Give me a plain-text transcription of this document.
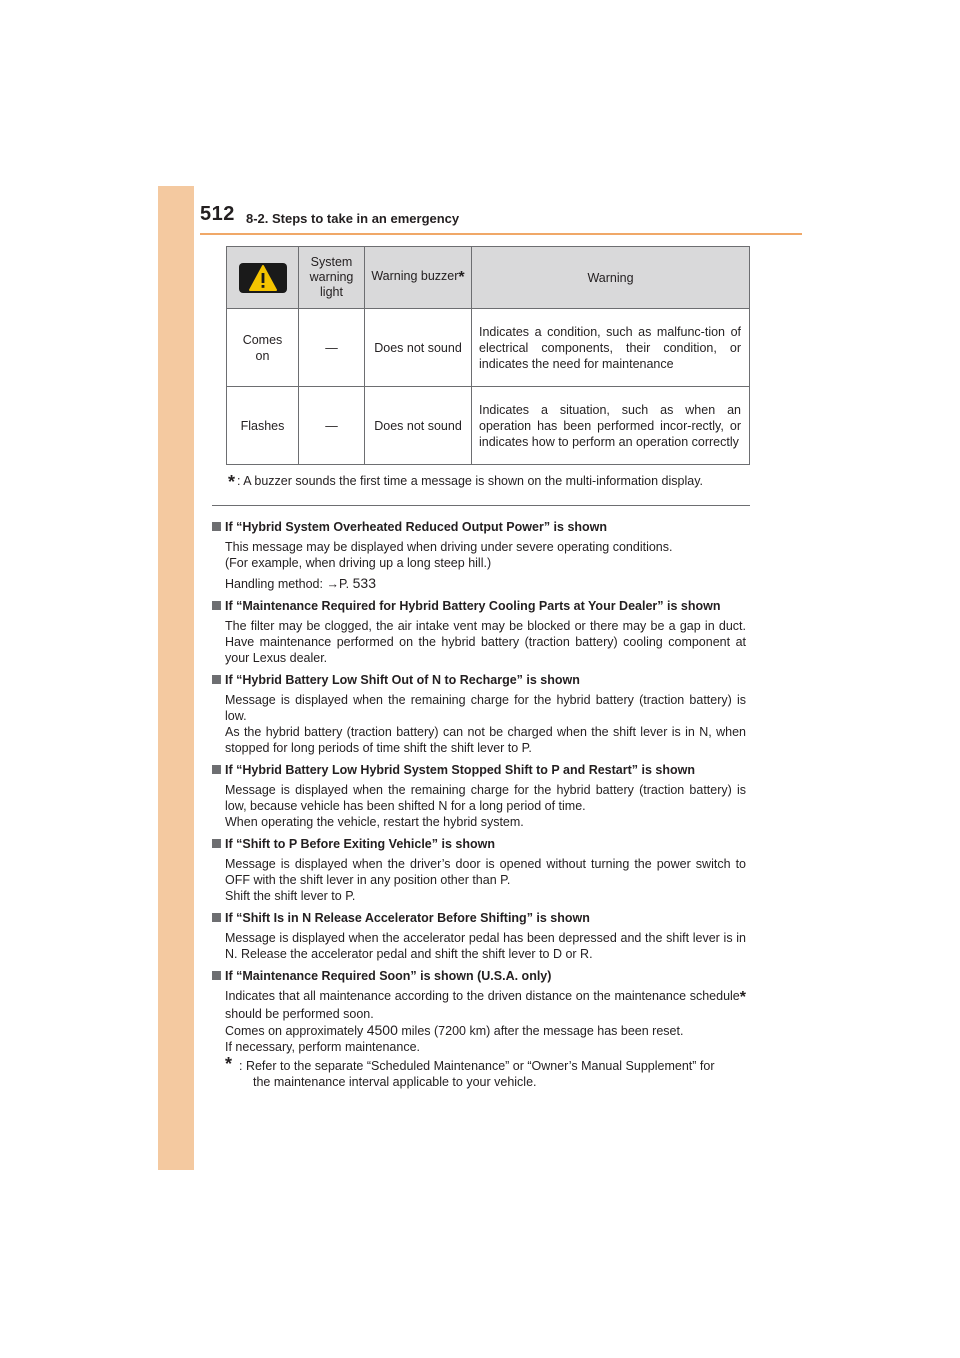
512 8-2. Steps to take in an emergency
	System
warning
light	Warning buzzer*	Warning
Comes
on	—	Does not sound	Indicates a condition, such as malfunc-tion of electrical components, their condition, or indicates the need for maintenance
Flashes	—	Does not sound	Indicates a situation, such as when an operation has been performed incor-rectly, or indicates how to perform an operation correctly
* : A buzzer sounds the first time a message is shown on the multi-information display.
If “Hybrid System Overheated Reduced Output Power” is shown

This message may be displayed when driving under severe operating conditions.

(For example, when driving up a long steep hill.)

Handling method: →P. 533

If “Maintenance Required for Hybrid Battery Cooling Parts at Your Dealer” is shown

The filter may be clogged, the air intake vent may be blocked or there may be a gap in duct. Have maintenance performed on the hybrid battery (traction battery) cooling component at your Lexus dealer.

If “Hybrid Battery Low Shift Out of N to Recharge” is shown

Message is displayed when the remaining charge for the hybrid battery (traction battery) is low.

As the hybrid battery (traction battery) can not be charged when the shift lever is in N, when stopped for long periods of time shift the shift lever to P.

If “Hybrid Battery Low Hybrid System Stopped Shift to P and Restart” is shown

Message is displayed when the remaining charge for the hybrid battery (traction battery) is low, because vehicle has been shifted N for a long period of time.

When operating the vehicle, restart the hybrid system.

If “Shift to P Before Exiting Vehicle” is shown

Message is displayed when the driver’s door is opened without turning the power switch to OFF with the shift lever in any position other than P.

Shift the shift lever to P.

If “Shift Is in N Release Accelerator Before Shifting” is shown

Message is displayed when the accelerator pedal has been depressed and the shift lever is in N. Release the accelerator pedal and shift the shift lever to D or R.

If “Maintenance Required Soon” is shown (U.S.A. only)

Indicates that all maintenance according to the driven distance on the maintenance schedule* should be performed soon.

Comes on approximately 4500 miles (7200 km) after the message has been reset.

If necessary, perform maintenance.

* : Refer to the separate “Scheduled Maintenance” or “Owner’s Manual Supplement” for
the maintenance interval applicable to your vehicle.
